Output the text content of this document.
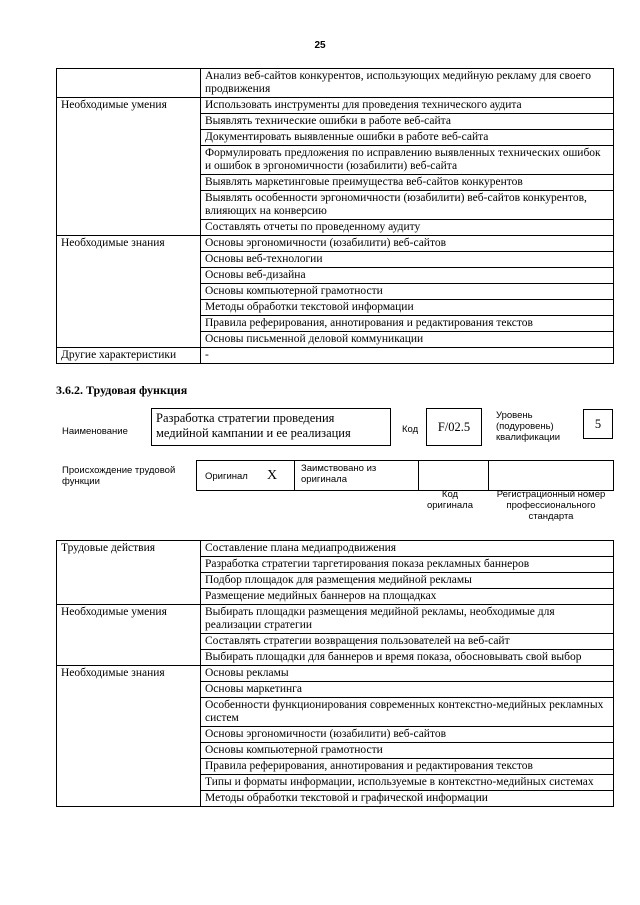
25
	Анализ веб-сайтов конкурентов, использующих медийную рекламу для своего продвижения
Необходимые умения	Использовать инструменты для проведения технического аудита
	Выявлять технические ошибки в работе веб-сайта
	Документировать выявленные ошибки в работе веб-сайта
	Формулировать предложения по исправлению выявленных технических ошибок и ошибок в эргономичности (юзабилити) веб-сайта
	Выявлять маркетинговые преимущества веб-сайтов конкурентов
	Выявлять особенности эргономичности (юзабилити) веб-сайтов конкурентов, влияющих на конверсию
	Составлять отчеты по проведенному аудиту
Необходимые знания	Основы эргономичности (юзабилити) веб-сайтов
	Основы веб-технологии
	Основы веб-дизайна
	Основы компьютерной грамотности
	Методы обработки текстовой информации
	Правила реферирования, аннотирования и редактирования текстов
	Основы письменной деловой коммуникации
Другие характеристики	-
3.6.2. Трудовая функция
Наименование
Разработка стратегии проведения медийной кампании и ее реализация	Код	F/02.5
Уровень (подуровень) квалификации
5
Происхождение трудовой функции	Оригинал X	Заимствовано из оригинала
Код оригинала
Регистрационный номер профессионального стандарта
Трудовые действия	Составление плана медиапродвижения
	Разработка стратегии таргетирования показа рекламных баннеров
	Подбор площадок для размещения медийной рекламы
	Размещение медийных баннеров на площадках
Необходимые умения	Выбирать площадки размещения медийной рекламы, необходимые для реализации стратегии
	Составлять стратегии возвращения пользователей на веб-сайт
	Выбирать площадки для баннеров и время показа, обосновывать свой выбор
Необходимые знания	Основы рекламы
	Основы маркетинга
	Особенности функционирования современных контекстно-медийных рекламных систем
	Основы эргономичности (юзабилити) веб-сайтов
	Основы компьютерной грамотности
	Правила реферирования, аннотирования и редактирования текстов
	Типы и форматы информации, используемые в контекстно-медийных системах
	Методы обработки текстовой и графической информации
